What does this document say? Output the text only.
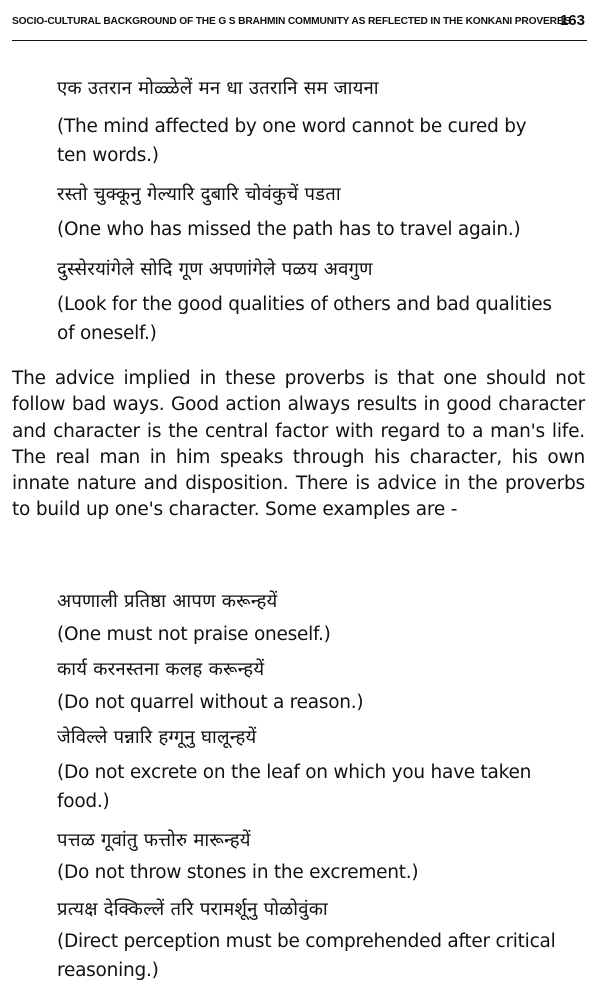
SOCIO-CULTURAL BACKGROUND OF THE G S BRAHMIN COMMUNITY AS REFLECTED IN THE KONKANI PROVERBS
163
एक उतरान मोळ्ळेलें मन धा उतरानि सम जायना
(The mind affected by one word cannot be cured by
ten words.)
रस्तो चुक्कूनु गेल्यारि दुबारि चोवंकुचें पडता
(One who has missed the path has to travel again.)
दुस्सेरयांगेले सोदि गूण अपणांगेले पळय अवगुण
(Look for the good qualities of others and bad qualities
of oneself.)
The advice implied in these proverbs is that one should not follow bad ways. Good action always results in good character and character is the central factor with regard to a man's life. The real man in him speaks through his character, his own innate nature and disposition. There is advice in the proverbs to build up one's character. Some examples are -
अपणाली प्रतिष्ठा आपण करून्हयें
(One must not praise oneself.)
कार्य करनस्तना कलह करून्हयें
(Do not quarrel without a reason.)
जेविल्ले पन्नारि हग्गूनु घालून्हयें
(Do not excrete on the leaf on which you have taken
food.)
पत्तळ गूवांतु फत्तोरु मारून्हयें
(Do not throw stones in the excrement.)
प्रत्यक्ष देक्किल्लें तरि परामर्शूनु पोळोवुंका
(Direct perception must be comprehended after critical
reasoning.)
